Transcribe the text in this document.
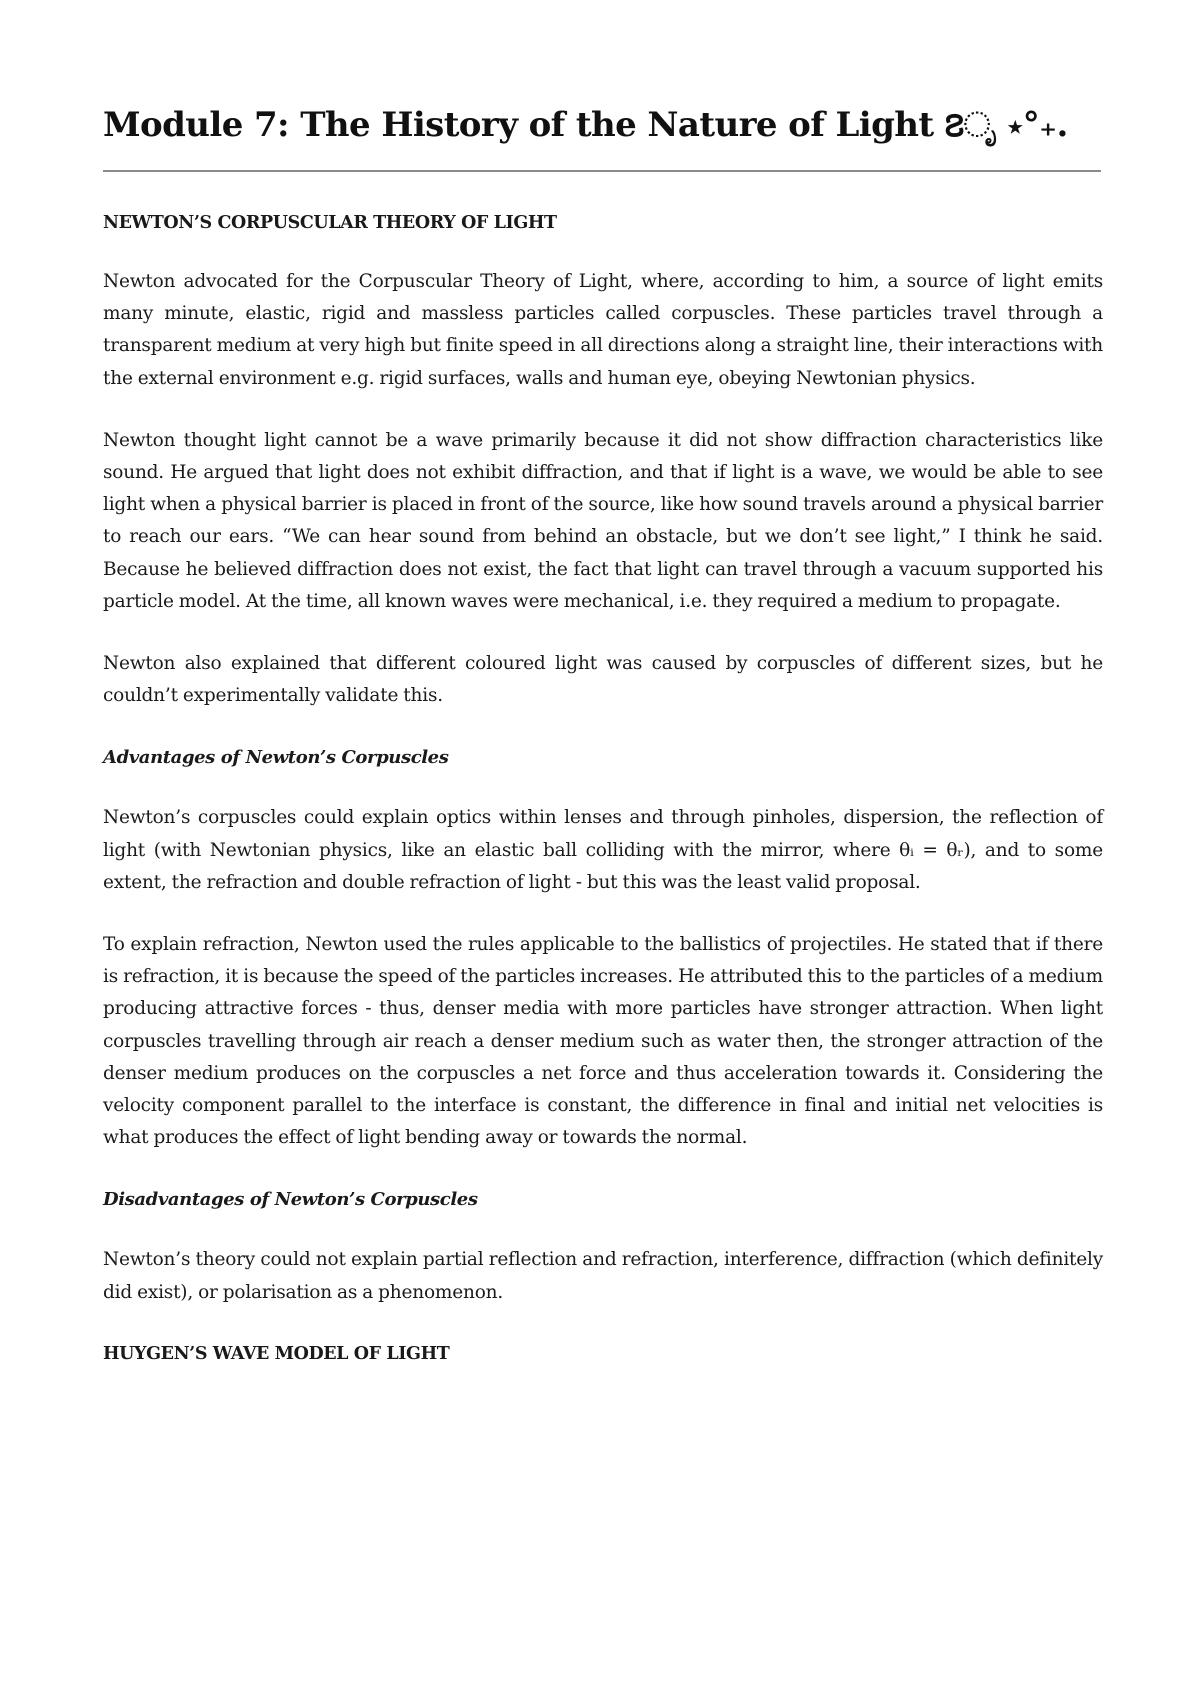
Module 7: The History of the Nature of Light ౭ೃ ⋆°₊.
NEWTON’S CORPUSCULAR THEORY OF LIGHT

Newton advocated for the Corpuscular Theory of Light, where, according to him, a source of light emits many minute, elastic, rigid and massless particles called corpuscles. These particles travel through a transparent medium at very high but finite speed in all directions along a straight line, their interactions with the external environment e.g. rigid surfaces, walls and human eye, obeying Newtonian physics.

Newton thought light cannot be a wave primarily because it did not show diffraction characteristics like sound. He argued that light does not exhibit diffraction, and that if light is a wave, we would be able to see light when a physical barrier is placed in front of the source, like how sound travels around a physical barrier to reach our ears. “We can hear sound from behind an obstacle, but we don’t see light,” I think he said. Because he believed diffraction does not exist, the fact that light can travel through a vacuum supported his particle model. At the time, all known waves were mechanical, i.e. they required a medium to propagate.

Newton also explained that different coloured light was caused by corpuscles of different sizes, but he couldn’t experimentally validate this.

Advantages of Newton’s Corpuscles

Newton’s corpuscles could explain optics within lenses and through pinholes, dispersion, the reflection of light (with Newtonian physics, like an elastic ball colliding with the mirror, where θᵢ = θᵣ), and to some extent, the refraction and double refraction of light - but this was the least valid proposal.

To explain refraction, Newton used the rules applicable to the ballistics of projectiles. He stated that if there is refraction, it is because the speed of the particles increases. He attributed this to the particles of a medium producing attractive forces - thus, denser media with more particles have stronger attraction. When light corpuscles travelling through air reach a denser medium such as water then, the stronger attraction of the denser medium produces on the corpuscles a net force and thus acceleration towards it. Considering the velocity component parallel to the interface is constant, the difference in final and initial net velocities is what produces the effect of light bending away or towards the normal.

Disadvantages of Newton’s Corpuscles

Newton’s theory could not explain partial reflection and refraction, interference, diffraction (which definitely did exist), or polarisation as a phenomenon.

HUYGEN’S WAVE MODEL OF LIGHT
